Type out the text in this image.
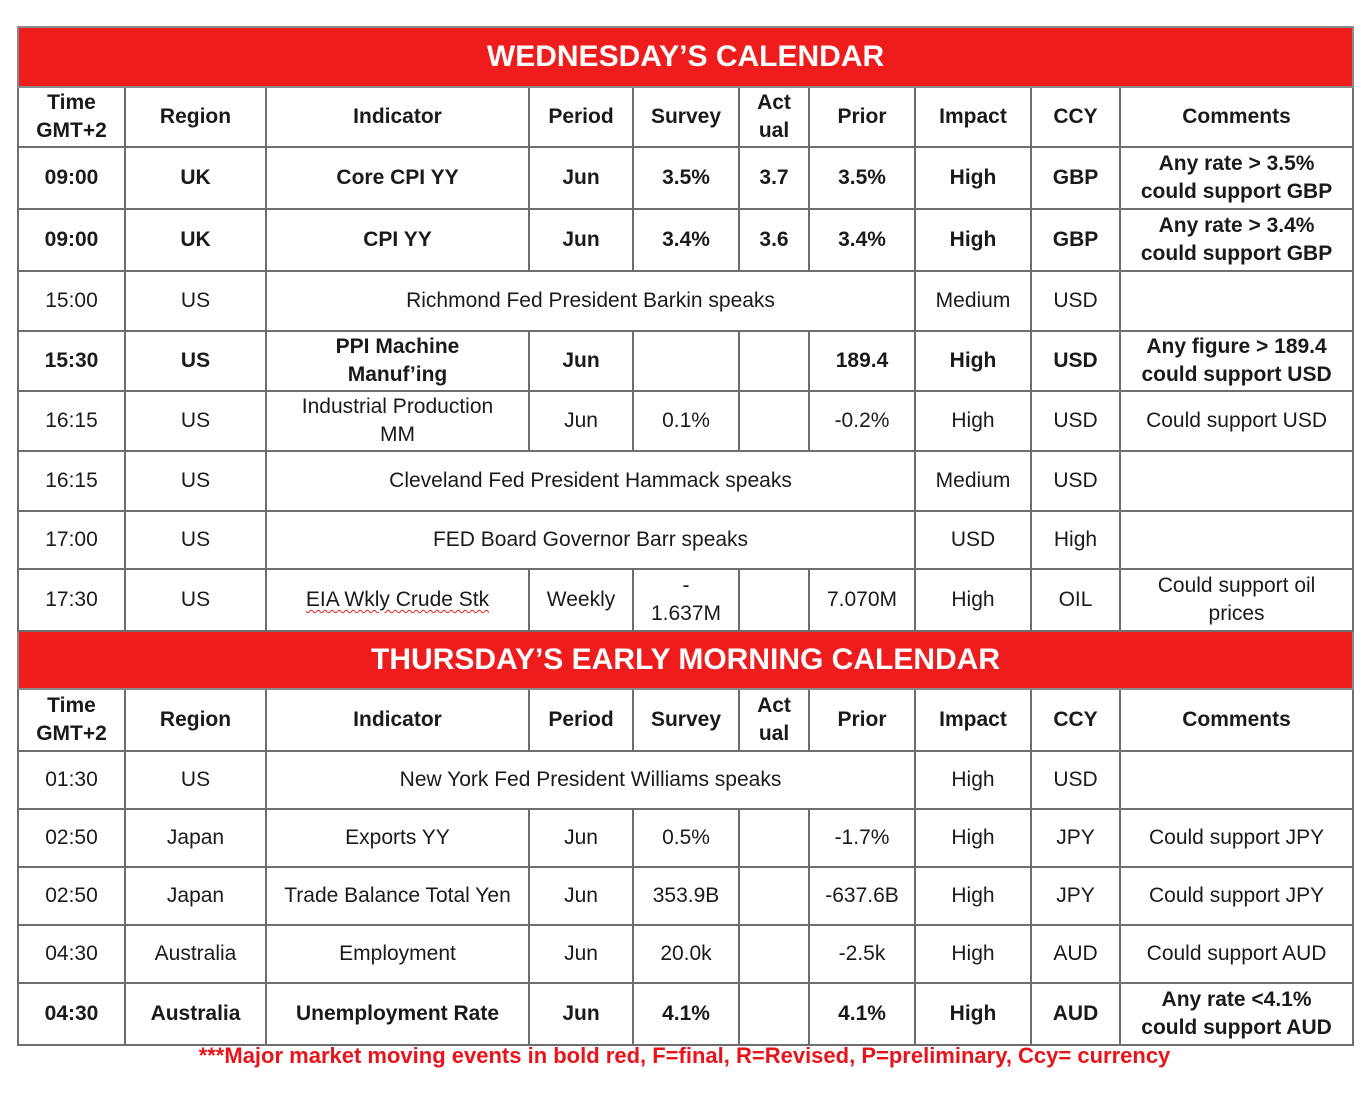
WEDNESDAY’S CALENDAR									
Time
GMT+2	Region	Indicator	Period	Survey	Act
ual	Prior	Impact	CCY	Comments
09:00	UK	Core CPI YY	Jun	3.5%	3.7	3.5%	High	GBP	Any rate > 3.5%
could support GBP
09:00	UK	CPI YY	Jun	3.4%	3.6	3.4%	High	GBP	Any rate > 3.4%
could support GBP
15:00	US	Richmond Fed President Barkin speaks					Medium	USD	
15:30	US	PPI Machine
Manuf’ing	Jun			189.4	High	USD	Any figure > 189.4
could support USD
16:15	US	Industrial Production
MM	Jun	0.1%		-0.2%	High	USD	Could support USD
16:15	US	Cleveland Fed President Hammack speaks					Medium	USD	
17:00	US	FED Board Governor Barr speaks					USD	High	
17:30	US	EIA Wkly Crude Stk	Weekly	-
1.637M		7.070M	High	OIL	Could support oil
prices
THURSDAY’S EARLY MORNING CALENDAR									
Time
GMT+2	Region	Indicator	Period	Survey	Act
ual	Prior	Impact	CCY	Comments
01:30	US	New York Fed President Williams speaks					High	USD	
02:50	Japan	Exports YY	Jun	0.5%		-1.7%	High	JPY	Could support JPY
02:50	Japan	Trade Balance Total Yen	Jun	353.9B		-637.6B	High	JPY	Could support JPY
04:30	Australia	Employment	Jun	20.0k		-2.5k	High	AUD	Could support AUD
04:30	Australia	Unemployment Rate	Jun	4.1%		4.1%	High	AUD	Any rate <4.1%
could support AUD
***Major market moving events in bold red, F=final, R=Revised, P=preliminary, Ccy= currency
